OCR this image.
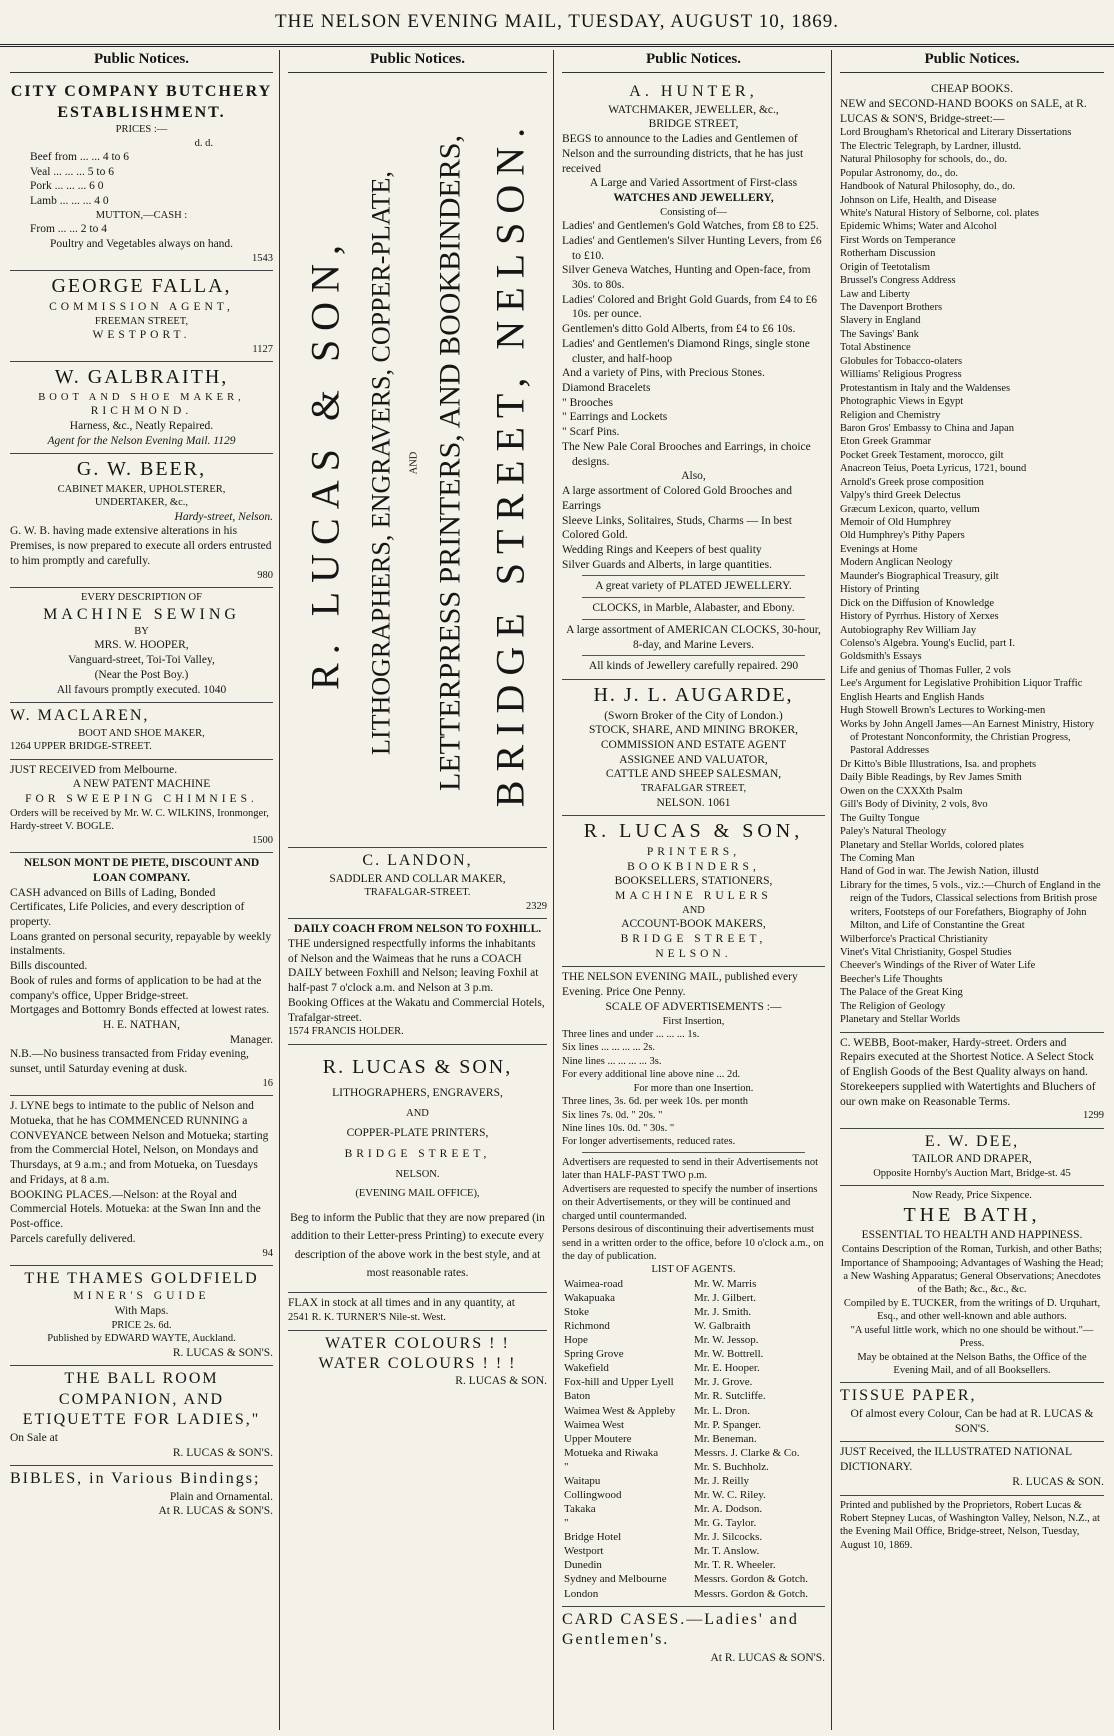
THE NELSON EVENING MAIL, TUESDAY, AUGUST 10, 1869.
Public Notices.
CITY COMPANY BUTCHERY ESTABLISHMENT.
PRICES :—
d. d.
Beef from ... ... 4 to 6
Veal ... ... ... 5 to 6
Pork ... ... ... 6 0
Lamb ... ... ... 4 0
MUTTON,—CASH :
From ... ... 2 to 4
Poultry and Vegetables always on hand.
1543
GEORGE FALLA,
COMMISSION AGENT,
FREEMAN STREET,
WESTPORT.
1127
W. GALBRAITH,
BOOT AND SHOE MAKER,
RICHMOND.
Harness, &c., Neatly Repaired.
Agent for the Nelson Evening Mail. 1129
G. W. BEER,
CABINET MAKER, UPHOLSTERER,
UNDERTAKER, &c.,
Hardy-street, Nelson.
G. W. B. having made extensive alterations in his Premises, is now prepared to execute all orders entrusted to him promptly and carefully.
980
EVERY DESCRIPTION OF
MACHINE SEWING
BY
MRS. W. HOOPER,
Vanguard-street, Toi-Toi Valley,
(Near the Post Boy.)
All favours promptly executed. 1040
W. MACLAREN,
BOOT AND SHOE MAKER,
1264 UPPER BRIDGE-STREET.
JUST RECEIVED from Melbourne.
A NEW PATENT MACHINE
FOR SWEEPING CHIMNIES.
Orders will be received by Mr. W. C. WILKINS, Ironmonger, Hardy-street V. BOGLE.
1500
NELSON MONT DE PIETE, DISCOUNT AND LOAN COMPANY.
CASH advanced on Bills of Lading, Bonded Certificates, Life Policies, and every description of property.
Loans granted on personal security, repayable by weekly instalments.
Bills discounted.
Book of rules and forms of application to be had at the company's office, Upper Bridge-street.
Mortgages and Bottomry Bonds effected at lowest rates.
H. E. NATHAN,
Manager.
N.B.—No business transacted from Friday evening, sunset, until Saturday evening at dusk.
16
J. LYNE begs to intimate to the public of Nelson and Motueka, that he has COMMENCED RUNNING a CONVEYANCE between Nelson and Motueka; starting from the Commercial Hotel, Nelson, on Mondays and Thursdays, at 9 a.m.; and from Motueka, on Tuesdays and Fridays, at 8 a.m.
BOOKING PLACES.—Nelson: at the Royal and Commercial Hotels. Motueka: at the Swan Inn and the Post-office.
Parcels carefully delivered.
94
THE THAMES GOLDFIELD
MINER'S GUIDE
With Maps.
PRICE 2s. 6d.
Published by EDWARD WAYTE, Auckland.
R. LUCAS & SON'S.
THE BALL ROOM COMPANION, AND ETIQUETTE FOR LADIES,"
On Sale at
R. LUCAS & SON'S.
BIBLES, in Various Bindings;
Plain and Ornamental.
At R. LUCAS & SON'S.
Public Notices.
R. LUCAS & SON, LITHOGRAPHERS, ENGRAVERS, COPPER-PLATE,	AND LETTERPRESS PRINTERS, AND BOOKBINDERS, BRIDGE STREET, NELSON.
C. LANDON,
SADDLER AND COLLAR MAKER,
TRAFALGAR-STREET.
2329
DAILY COACH FROM NELSON TO FOXHILL.
THE undersigned respectfully informs the inhabitants of Nelson and the Waimeas that he runs a COACH DAILY between Foxhill and Nelson; leaving Foxhil at half-past 7 o'clock a.m. and Nelson at 3 p.m.
Booking Offices at the Wakatu and Commercial Hotels, Trafalgar-street.
1574 FRANCIS HOLDER.
R. LUCAS & SON,
LITHOGRAPHERS, ENGRAVERS,
AND
COPPER-PLATE PRINTERS,
BRIDGE STREET,
NELSON.
(EVENING MAIL OFFICE),
Beg to inform the Public that they are now prepared (in addition to their Letter-press Printing) to execute every description of the above work in the best style, and at most reasonable rates.
FLAX in stock at all times and in any quantity, at
2541 R. K. TURNER'S Nile-st. West.
WATER COLOURS ! !
WATER COLOURS ! ! !
R. LUCAS & SON.
Public Notices.
A. HUNTER,
WATCHMAKER, JEWELLER, &c.,
BRIDGE STREET,
BEGS to announce to the Ladies and Gentlemen of Nelson and the surrounding districts, that he has just received
A Large and Varied Assortment of First-class
WATCHES AND JEWELLERY,
Consisting of—
Ladies' and Gentlemen's Gold Watches, from £8 to £25.
Ladies' and Gentlemen's Silver Hunting Levers, from £6 to £10.
Silver Geneva Watches, Hunting and Open-face, from 30s. to 80s.
Ladies' Colored and Bright Gold Guards, from £4 to £6 10s. per ounce.
Gentlemen's ditto Gold Alberts, from £4 to £6 10s.
Ladies' and Gentlemen's Diamond Rings, single stone cluster, and half-hoop
And a variety of Pins, with Precious Stones.
Diamond Bracelets
" Brooches
" Earrings and Lockets
" Scarf Pins.
The New Pale Coral Brooches and Earrings, in choice designs.
Also,
A large assortment of Colored Gold Brooches and Earrings
Sleeve Links, Solitaires, Studs, Charms — In best Colored Gold.
Wedding Rings and Keepers of best quality
Silver Guards and Alberts, in large quantities.
A great variety of PLATED JEWELLERY.
CLOCKS, in Marble, Alabaster, and Ebony.
A large assortment of AMERICAN CLOCKS, 30-hour, 8-day, and Marine Levers.
All kinds of Jewellery carefully repaired. 290
H. J. L. AUGARDE,
(Sworn Broker of the City of London.)
STOCK, SHARE, AND MINING BROKER,
COMMISSION AND ESTATE AGENT
ASSIGNEE AND VALUATOR,
CATTLE AND SHEEP SALESMAN,
TRAFALGAR STREET,
NELSON. 1061
R. LUCAS & SON,
PRINTERS,
BOOKBINDERS,
BOOKSELLERS, STATIONERS,
MACHINE RULERS
AND
ACCOUNT-BOOK MAKERS,
BRIDGE STREET,
NELSON.
THE NELSON EVENING MAIL, published every Evening. Price One Penny.
SCALE OF ADVERTISEMENTS :—
First Insertion,
Three lines and under ... ... ... 1s.
Six lines ... ... ... ... 2s.
Nine lines ... ... ... ... 3s.
For every additional line above nine ... 2d.
For more than one Insertion.
Three lines, 3s. 6d. per week 10s. per month
Six lines 7s. 0d. " 20s. "
Nine lines 10s. 0d. " 30s. "
For longer advertisements, reduced rates.
Advertisers are requested to send in their Advertisements not later than HALF-PAST TWO p.m.
Advertisers are requested to specify the number of insertions on their Advertisements, or they will be continued and charged until countermanded.
Persons desirous of discontinuing their advertisements must send in a written order to the office, before 10 o'clock a.m., on the day of publication.
LIST OF AGENTS.
Waimea-road	Mr. W. Marris
Wakapuaka	Mr. J. Gilbert.
Stoke	Mr. J. Smith.
Richmond	W. Galbraith
Hope	Mr. W. Jessop.
Spring Grove	Mr. W. Bottrell.
Wakefield	Mr. E. Hooper.
Fox-hill and Upper Lyell	Mr. J. Grove.
Baton	Mr. R. Sutcliffe.
Waimea West & Appleby	Mr. L. Dron.
Waimea West	Mr. P. Spanger.
Upper Moutere	Mr. Beneman.
Motueka and Riwaka	Messrs. J. Clarke & Co.
"	Mr. S. Buchholz.
Waitapu	Mr. J. Reilly
Collingwood	Mr. W. C. Riley.
Takaka	Mr. A. Dodson.
"	Mr. G. Taylor.
Bridge Hotel	Mr. J. Silcocks.
Westport	Mr. T. Anslow.
Dunedin	Mr. T. R. Wheeler.
Sydney and Melbourne	Messrs. Gordon & Gotch.
London	Messrs. Gordon & Gotch.
CARD CASES.—Ladies' and Gentlemen's.
At R. LUCAS & SON'S.
Public Notices.
CHEAP BOOKS.
NEW and SECOND-HAND BOOKS on SALE, at R. LUCAS & SON'S, Bridge-street:—
Lord Brougham's Rhetorical and Literary Dissertations
The Electric Telegraph, by Lardner, illustd.
Natural Philosophy for schools, do., do.
Popular Astronomy, do., do.
Handbook of Natural Philosophy, do., do.
Johnson on Life, Health, and Disease
White's Natural History of Selborne, col. plates
Epidemic Whims; Water and Alcohol
First Words on Temperance
Rotherham Discussion
Origin of Teetotalism
Brussel's Congress Address
Law and Liberty
The Davenport Brothers
Slavery in England
The Savings' Bank
Total Abstinence
Globules for Tobacco-olaters
Williams' Religious Progress
Protestantism in Italy and the Waldenses
Photographic Views in Egypt
Religion and Chemistry
Baron Gros' Embassy to China and Japan
Eton Greek Grammar
Pocket Greek Testament, morocco, gilt
Anacreon Teius, Poeta Lyricus, 1721, bound
Arnold's Greek prose composition
Valpy's third Greek Delectus
Græcum Lexicon, quarto, vellum
Memoir of Old Humphrey
Old Humphrey's Pithy Papers
Evenings at Home
Modern Anglican Neology
Maunder's Biographical Treasury, gilt
History of Printing
Dick on the Diffusion of Knowledge
History of Pyrrhus. History of Xerxes
Autobiography Rev William Jay
Colenso's Algebra. Young's Euclid, part I.
Goldsmith's Essays
Life and genius of Thomas Fuller, 2 vols
Lee's Argument for Legislative Prohibition Liquor Traffic
English Hearts and English Hands
Hugh Stowell Brown's Lectures to Working-men
Works by John Angell James—An Earnest Ministry, History of Protestant Nonconformity, the Christian Progress, Pastoral Addresses
Dr Kitto's Bible Illustrations, Isa. and prophets
Daily Bible Readings, by Rev James Smith
Owen on the CXXXth Psalm
Gill's Body of Divinity, 2 vols, 8vo
The Guilty Tongue
Paley's Natural Theology
Planetary and Stellar Worlds, colored plates
The Coming Man
Hand of God in war. The Jewish Nation, illustd
Library for the times, 5 vols., viz.:—Church of England in the reign of the Tudors, Classical selections from British prose writers, Footsteps of our Forefathers, Biography of John Milton, and Life of Constantine the Great
Wilberforce's Practical Christianity
Vinet's Vital Christianity, Gospel Studies
Cheever's Windings of the River of Water Life
Beecher's Life Thoughts
The Palace of the Great King
The Religion of Geology
Planetary and Stellar Worlds
C. WEBB, Boot-maker, Hardy-street. Orders and Repairs executed at the Shortest Notice. A Select Stock of English Goods of the Best Quality always on hand. Storekeepers supplied with Watertights and Bluchers of our own make on Reasonable Terms.
1299
E. W. DEE,
TAILOR AND DRAPER,
Opposite Hornby's Auction Mart, Bridge-st. 45
Now Ready, Price Sixpence.
THE BATH,
ESSENTIAL TO HEALTH AND HAPPINESS.
Contains Description of the Roman, Turkish, and other Baths; Importance of Shampooing; Advantages of Washing the Head; a New Washing Apparatus; General Observations; Anecdotes of the Bath; &c., &c., &c.
Compiled by E. TUCKER, from the writings of D. Urquhart, Esq., and other well-known and able authors.
"A useful little work, which no one should be without."—Press.
May be obtained at the Nelson Baths, the Office of the Evening Mail, and of all Booksellers.
TISSUE PAPER,
Of almost every Colour, Can be had at R. LUCAS & SON'S.
JUST Received, the ILLUSTRATED NATIONAL DICTIONARY.
R. LUCAS & SON.
Printed and published by the Proprietors, Robert Lucas & Robert Stepney Lucas, of Washington Valley, Nelson, N.Z., at the Evening Mail Office, Bridge-street, Nelson, Tuesday, August 10, 1869.
